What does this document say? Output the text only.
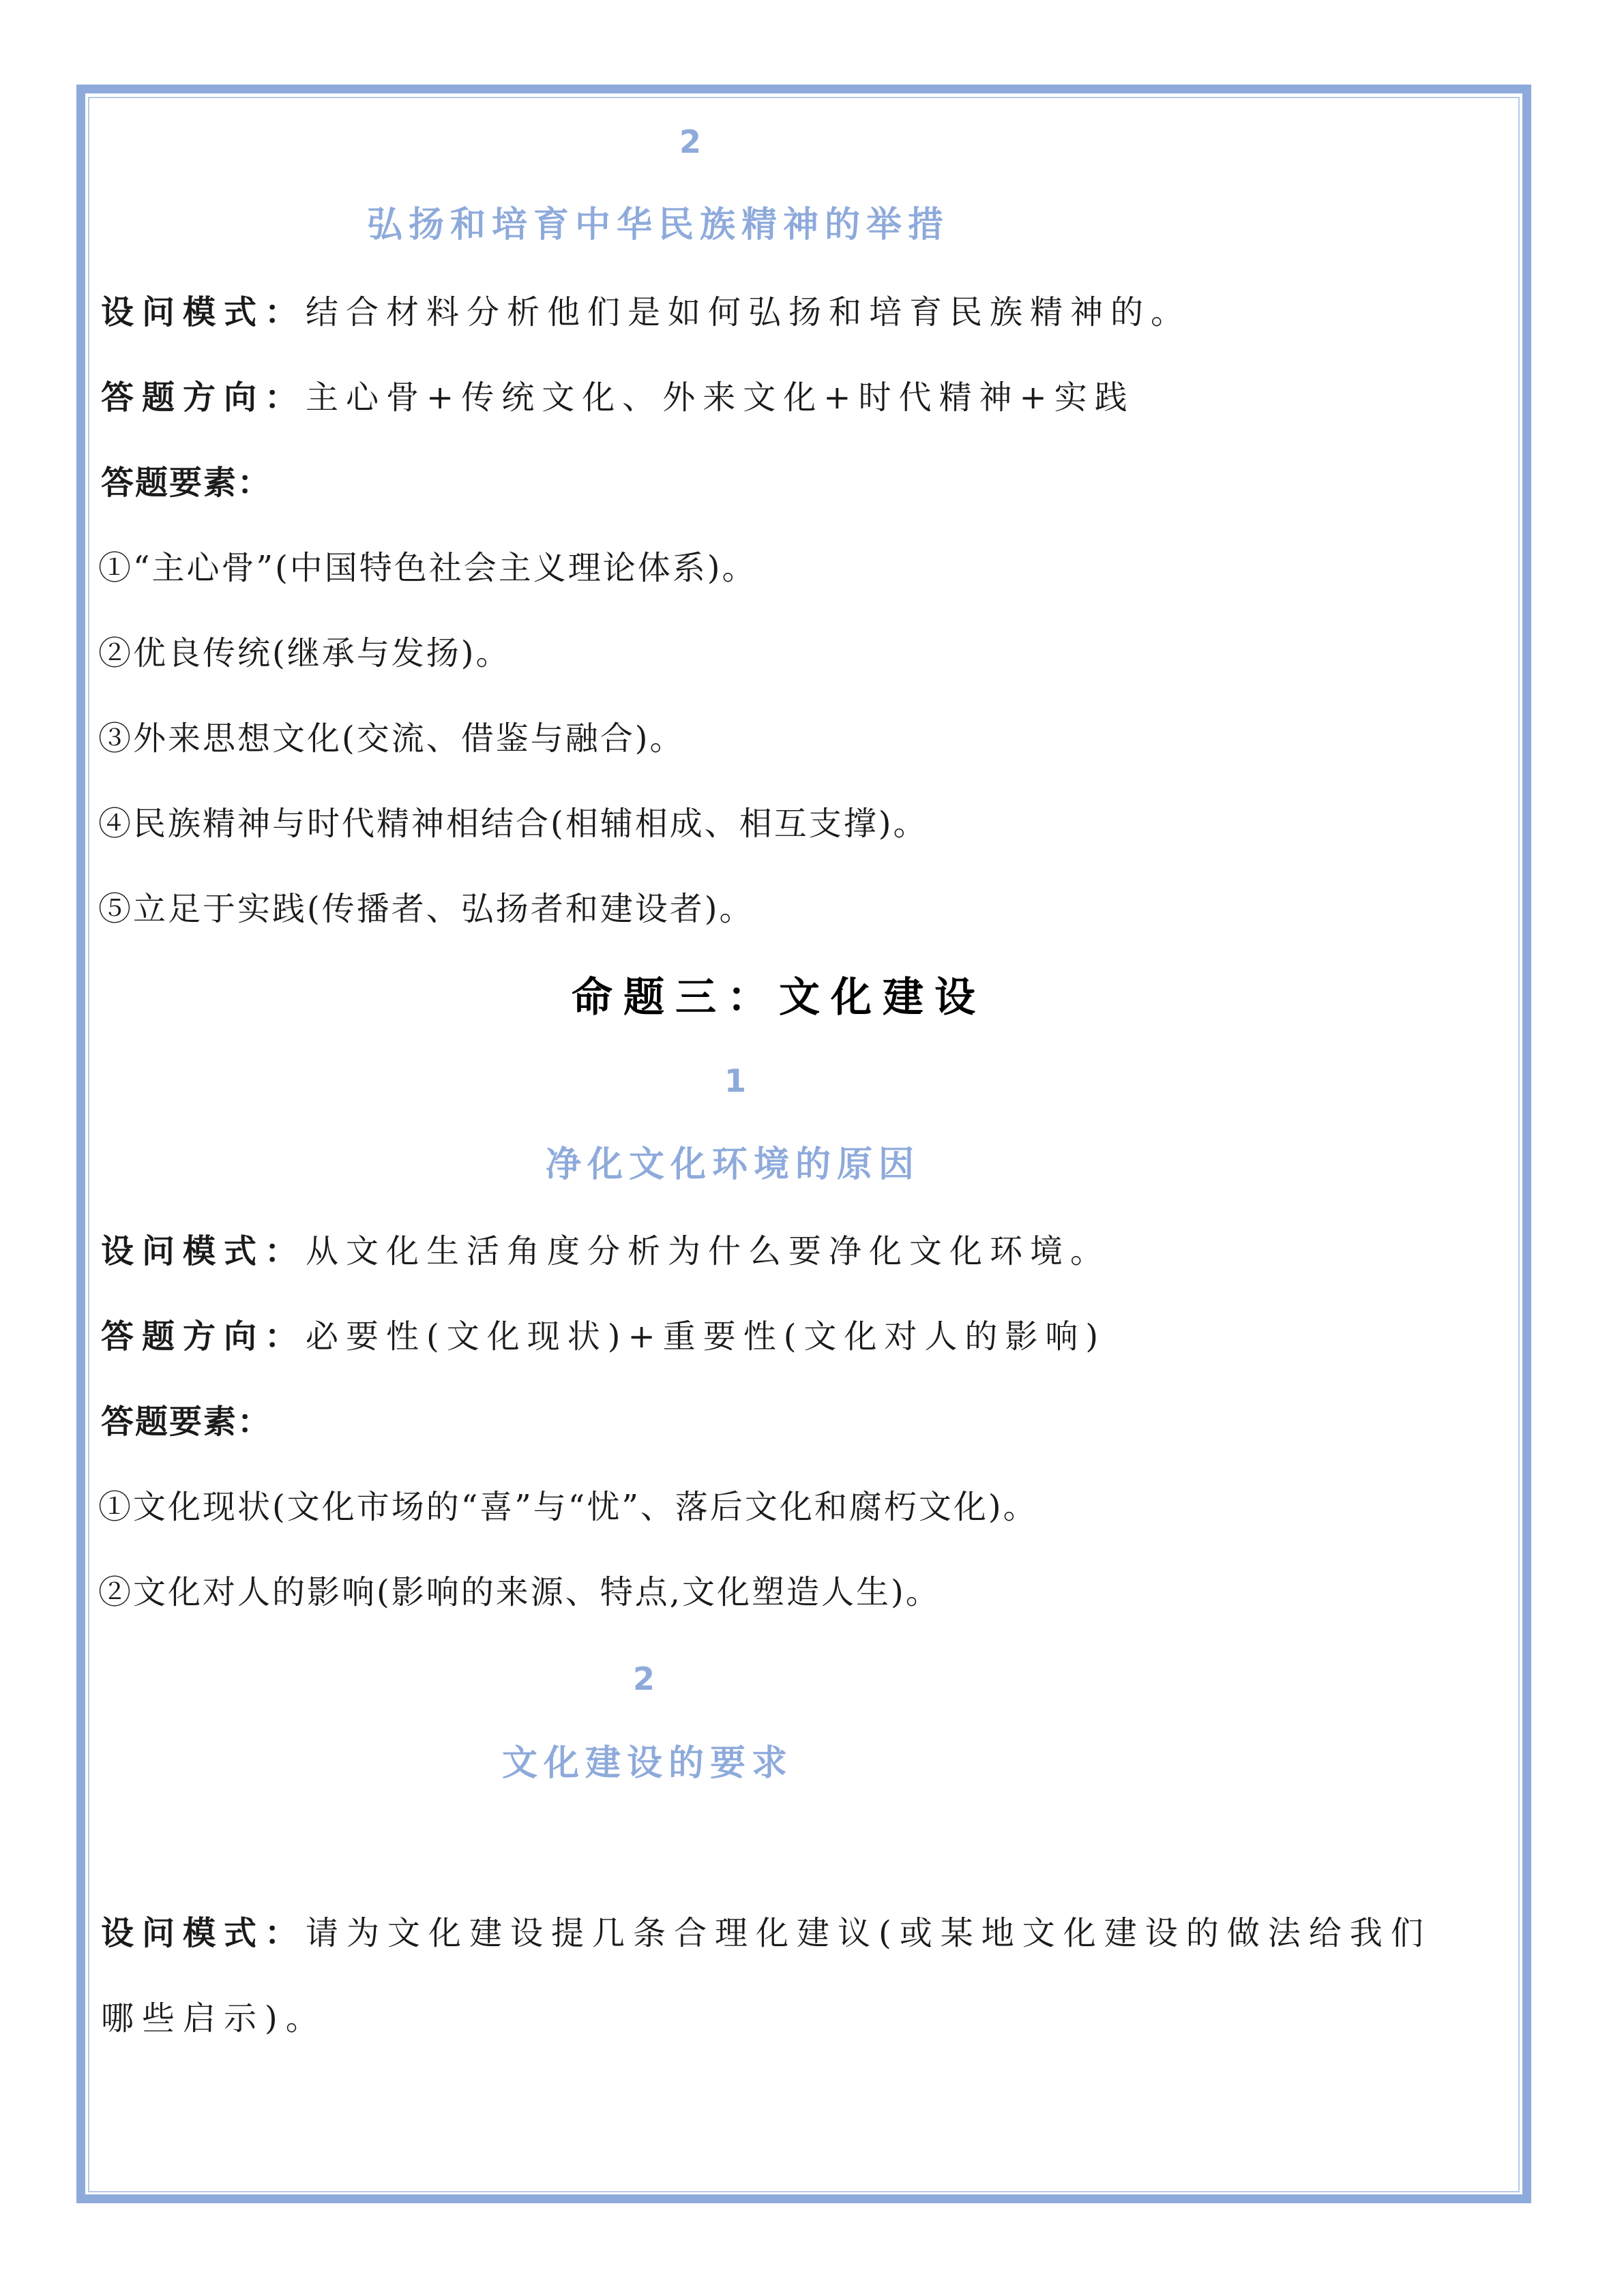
2
弘扬和培育中华民族精神的举措
设问模式：结合材料分析他们是如何弘扬和培育民族精神的。
答题方向：主心骨+传统文化、外来文化+时代精神+实践
答题要素：
①“主心骨”(中国特色社会主义理论体系)。
②优良传统(继承与发扬)。
③外来思想文化(交流、借鉴与融合)。
④民族精神与时代精神相结合(相辅相成、相互支撑)。
⑤立足于实践(传播者、弘扬者和建设者)。
命题三：文化建设
1
净化文化环境的原因
设问模式：从文化生活角度分析为什么要净化文化环境。
答题方向：必要性(文化现状)+重要性(文化对人的影响)
答题要素：
①文化现状(文化市场的“喜”与“忧”、落后文化和腐朽文化)。
②文化对人的影响(影响的来源、特点,文化塑造人生)。
2
文化建设的要求
设问模式：请为文化建设提几条合理化建议(或某地文化建设的做法给我们
哪些启示)。
